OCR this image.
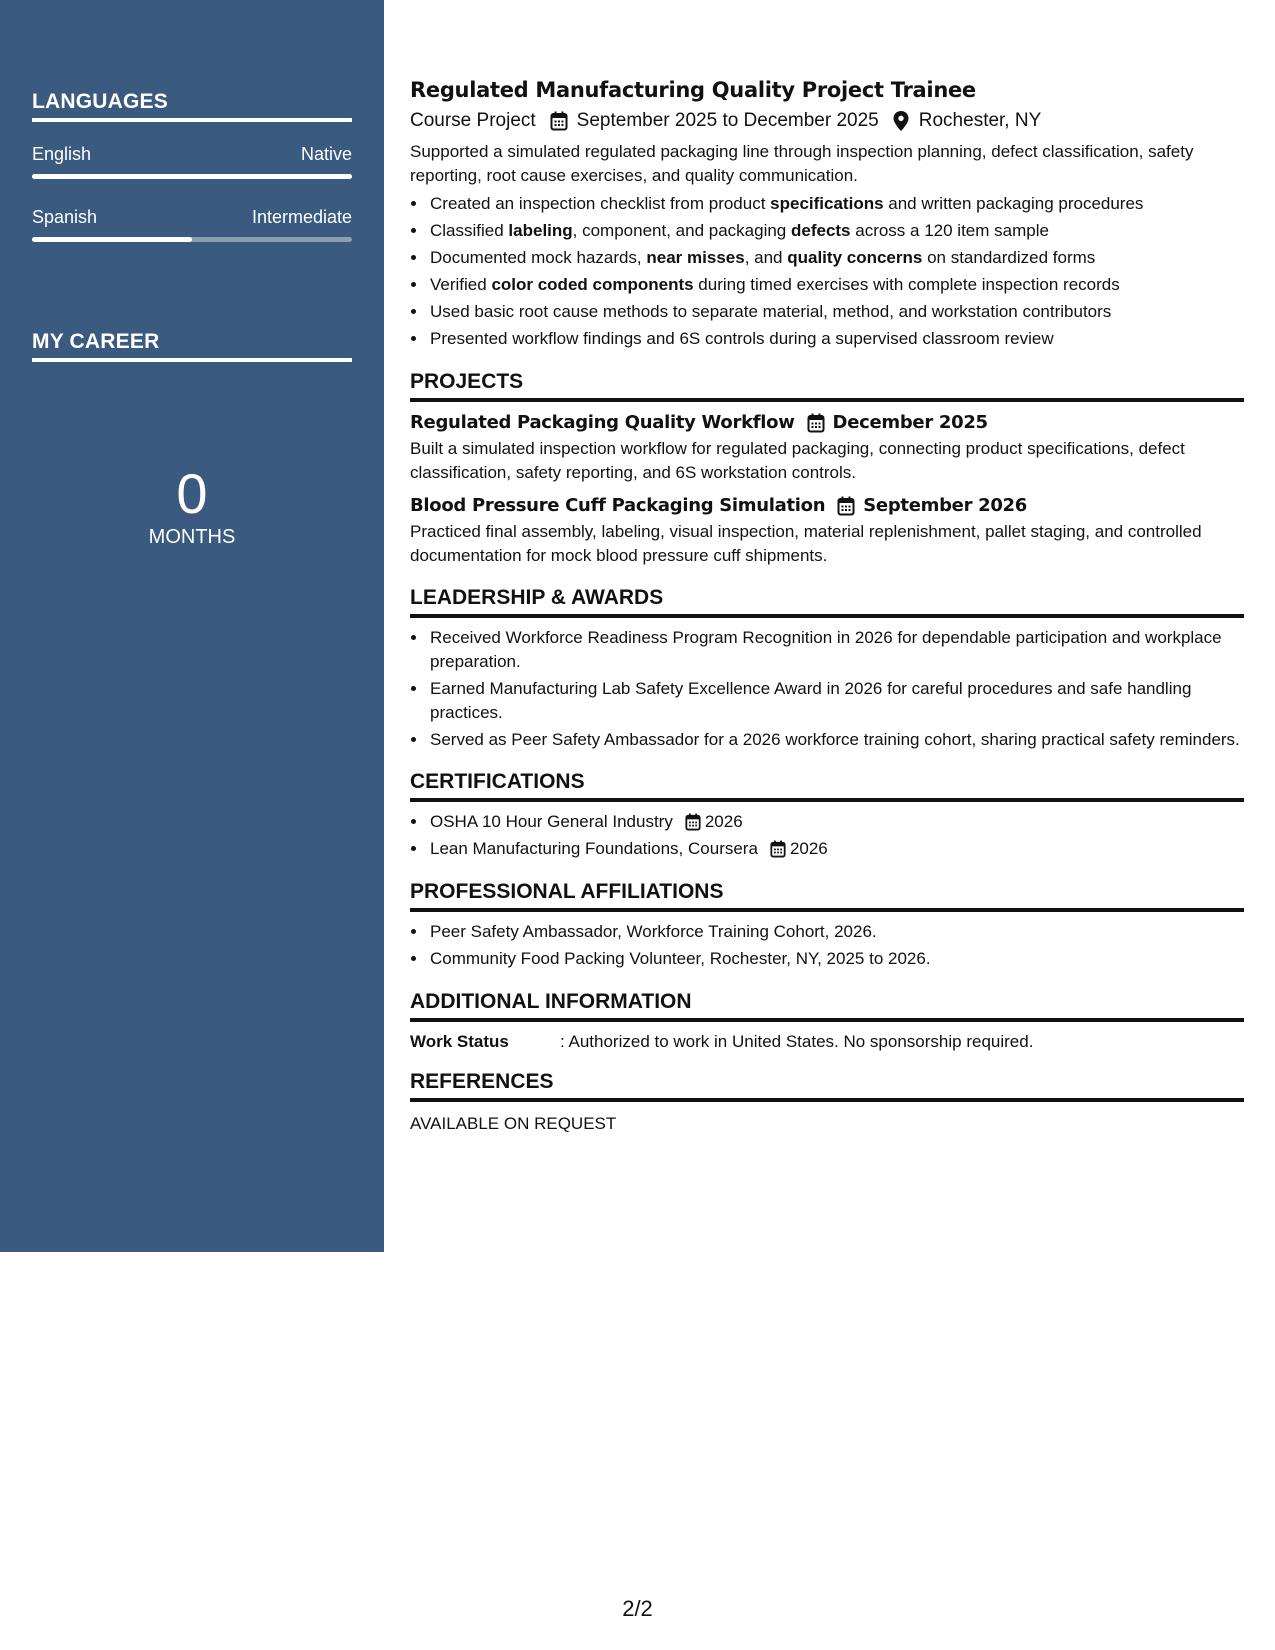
LANGUAGES
English	Native
Spanish	Intermediate
MY CAREER
0
MONTHS
Regulated Manufacturing Quality Project Trainee
Course Project September 2025 to December 2025 Rochester, NY

Supported a simulated regulated packaging line through inspection planning, defect classification, safety reporting, root cause exercises, and quality communication.

• Created an inspection checklist from product specifications and written packaging procedures
• Classified labeling, component, and packaging defects across a 120 item sample
• Documented mock hazards, near misses, and quality concerns on standardized forms
• Verified color coded components during timed exercises with complete inspection records
• Used basic root cause methods to separate material, method, and workstation contributors
• Presented workflow findings and 6S controls during a supervised classroom review
PROJECTS
Regulated Packaging Quality Workflow December 2025

Built a simulated inspection workflow for regulated packaging, connecting product specifications, defect classification, safety reporting, and 6S workstation controls.

Blood Pressure Cuff Packaging Simulation September 2026

Practiced final assembly, labeling, visual inspection, material replenishment, pallet staging, and controlled documentation for mock blood pressure cuff shipments.

LEADERSHIP & AWARDS
• Received Workforce Readiness Program Recognition in 2026 for dependable participation and workplace preparation.
• Earned Manufacturing Lab Safety Excellence Award in 2026 for careful procedures and safe handling practices.
• Served as Peer Safety Ambassador for a 2026 workforce training cohort, sharing practical safety reminders.
CERTIFICATIONS
• OSHA 10 Hour General Industry 2026
• Lean Manufacturing Foundations, Coursera 2026
PROFESSIONAL AFFILIATIONS
• Peer Safety Ambassador, Workforce Training Cohort, 2026.
• Community Food Packing Volunteer, Rochester, NY, 2025 to 2026.
ADDITIONAL INFORMATION
Work Status	: Authorized to work in United States. No sponsorship required.
REFERENCES
AVAILABLE ON REQUEST
2/2
